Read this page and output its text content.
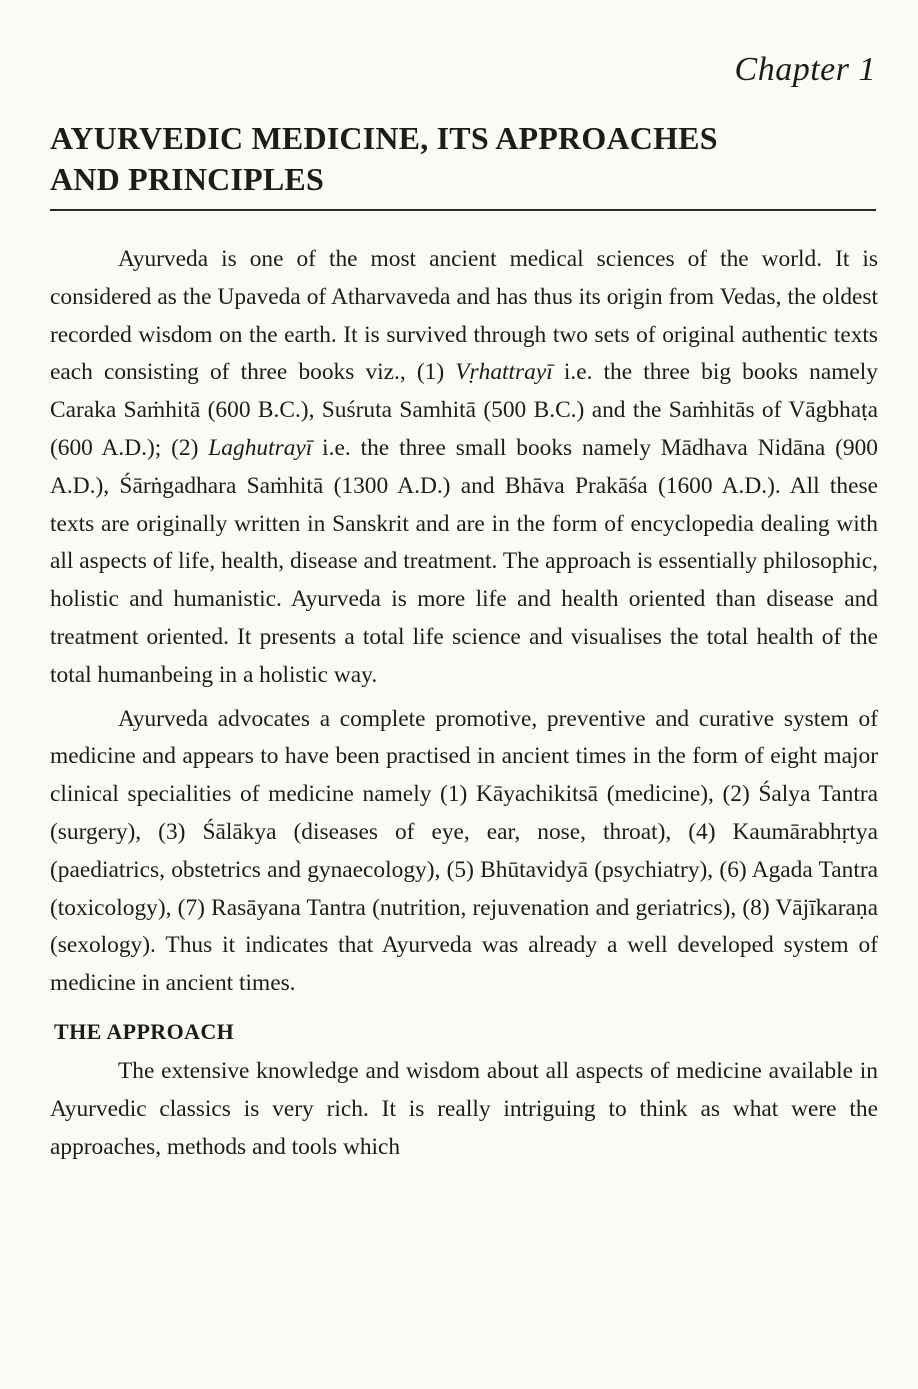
Chapter 1

AYURVEDIC MEDICINE, ITS APPROACHES
AND PRINCIPLES

Ayurveda is one of the most ancient medical sciences of the world. It is considered as the Upaveda of Atharvaveda and has thus its origin from Vedas, the oldest recorded wisdom on the earth. It is survived through two sets of original authentic texts each consisting of three books viz., (1) Vṛhattrayī i.e. the three big books namely Caraka Saṁhitā (600 B.C.), Suśruta Samhitā (500 B.C.) and the Saṁhitās of Vāgbhaṭa (600 A.D.); (2) Laghutrayī i.e. the three small books namely Mādhava Nidāna (900 A.D.), Śārṅgadhara Saṁhitā (1300 A.D.) and Bhāva Prakāśa (1600 A.D.). All these texts are originally written in Sanskrit and are in the form of encyclopedia dealing with all aspects of life, health, disease and treatment. The approach is essentially philosophic, holistic and humanistic. Ayurveda is more life and health oriented than disease and treatment oriented. It presents a total life science and visualises the total health of the total humanbeing in a holistic way.

Ayurveda advocates a complete promotive, preventive and curative system of medicine and appears to have been practised in ancient times in the form of eight major clinical specialities of medicine namely (1) Kāyachikitsā (medicine), (2) Śalya Tantra (surgery), (3) Śālākya (diseases of eye, ear, nose, throat), (4) Kaumārabhṛtya (paediatrics, obstetrics and gynaecology), (5) Bhūtavidyā (psychiatry), (6) Agada Tantra (toxicology), (7) Rasāyana Tantra (nutrition, rejuvenation and geriatrics), (8) Vājīkaraṇa (sexology). Thus it indicates that Ayurveda was already a well developed system of medicine in ancient times.

THE APPROACH

The extensive knowledge and wisdom about all aspects of medicine available in Ayurvedic classics is very rich. It is really intriguing to think as what were the approaches, methods and tools which
